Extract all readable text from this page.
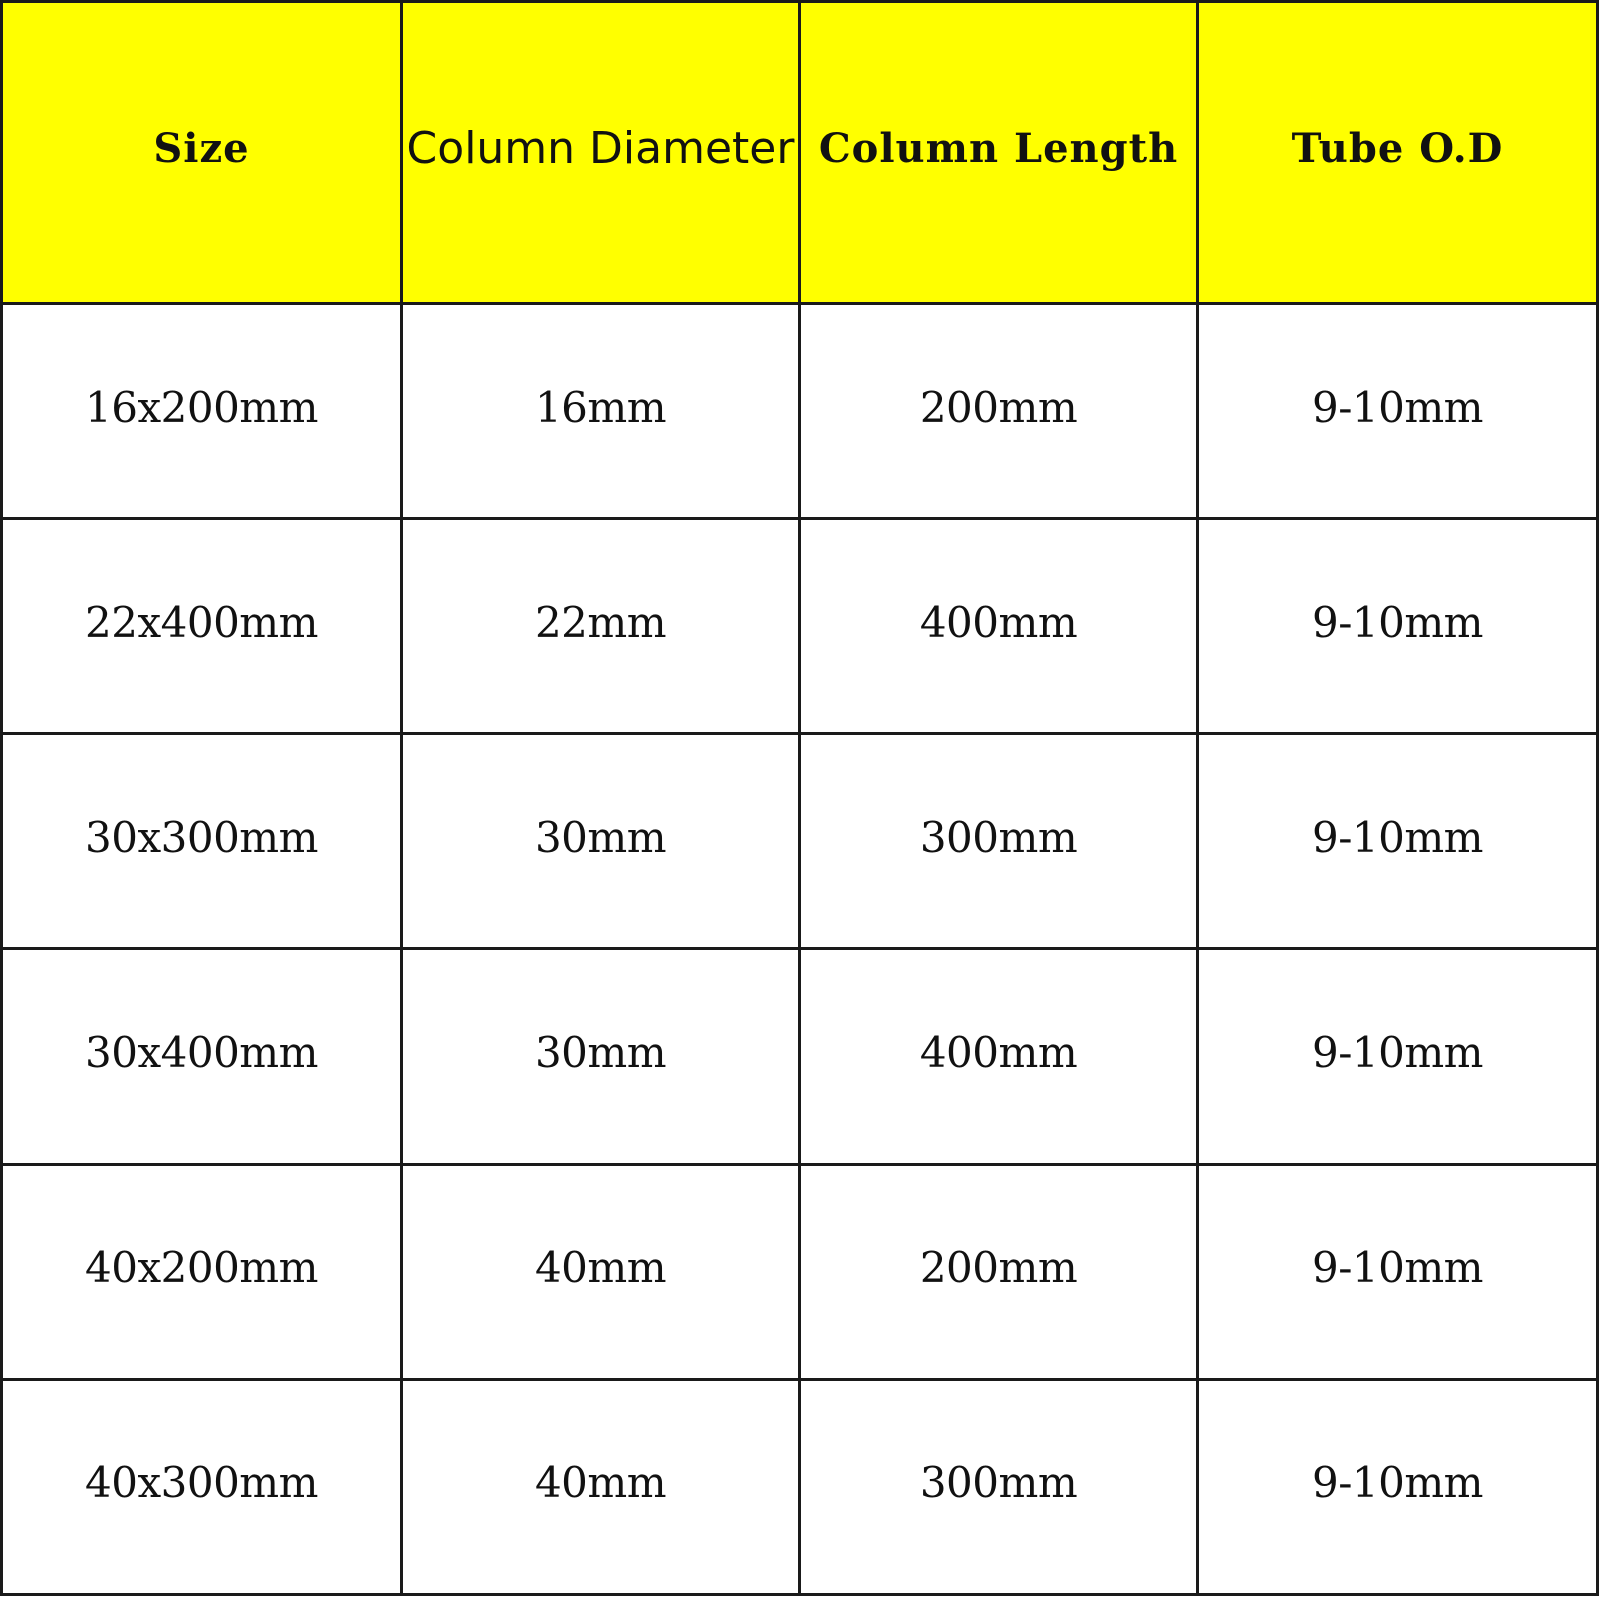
Size	Column Diameter	Column Length	Tube O.D
16x200mm	16mm	200mm	9-10mm
22x400mm	22mm	400mm	9-10mm
30x300mm	30mm	300mm	9-10mm
30x400mm	30mm	400mm	9-10mm
40x200mm	40mm	200mm	9-10mm
40x300mm	40mm	300mm	9-10mm
